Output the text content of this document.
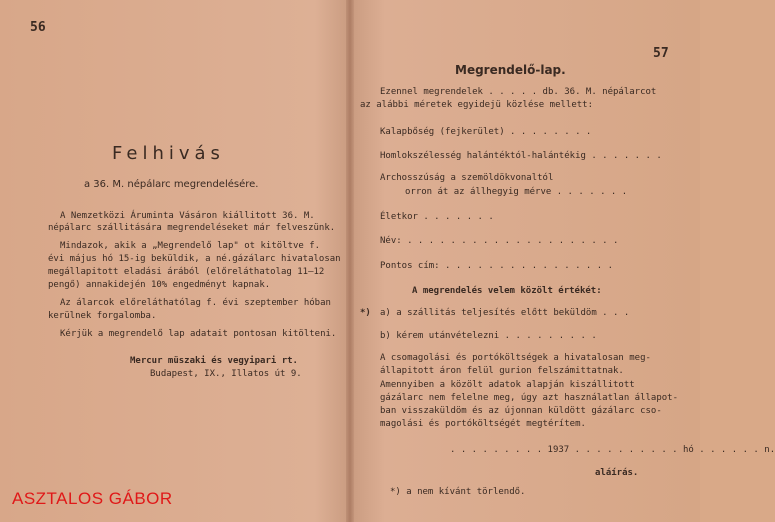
56
Felhivás
a 36. M. népálarc megrendelésére.
A Nemzetközi Áruminta Vásáron kiállitott 36. M.
népálarc szállitására megrendeléseket már felveszünk.
Mindazok, akik a „Megrendelő lap" ot kitöltve f.
évi május hó 15-ig beküldik, a né.gázálarc hivatalosan
megállapitott eladási árából (előreláthatolag 11—12
pengő) annakidején 10% engedményt kapnak.
Az álarcok előreláthatólag f. évi szeptember hóban
kerülnek forgalomba.
Kérjük a megrendelő lap adatait pontosan kitölteni.
Mercur müszaki és vegyipari rt.
Budapest, IX., Illatos út 9.
57
Megrendelő-lap.
Ezennel megrendelek . . . . . db. 36. M. népálarcot
az alábbi méretek egyidejü közlése mellett:
Kalapbőség (fejkerület) . . . . . . . .
Homlokszélesség halántéktól-halántékig . . . . . . .
Archosszúság a szemöldökvonaltól
orron át az állhegyig mérve . . . . . . .
Életkor . . . . . . .
Név: . . . . . . . . . . . . . . . . . . . .
Pontos cím: . . . . . . . . . . . . . . . .
A megrendelés velem közölt értékét:
*) a) a szállitás teljesítés előtt beküldöm . . .
b) kérem utánvételezni . . . . . . . . .
A csomagolási és portóköltségek a hivatalosan meg-
állapitott áron felül gurion felszámittatnak.
Amennyiben a közölt adatok alapján kiszállitott
gázálarc nem felelne meg, úgy azt használatlan állapot-
ban visszaküldöm és az újonnan küldött gázálarc cso-
magolási és portóköltségét megtérítem.
. . . . . . . . . 1937 . . . . . . . . . . hó . . . . . . n.
aláírás.
*) a nem kívánt törlendő.
ASZTALOS GÁBOR
